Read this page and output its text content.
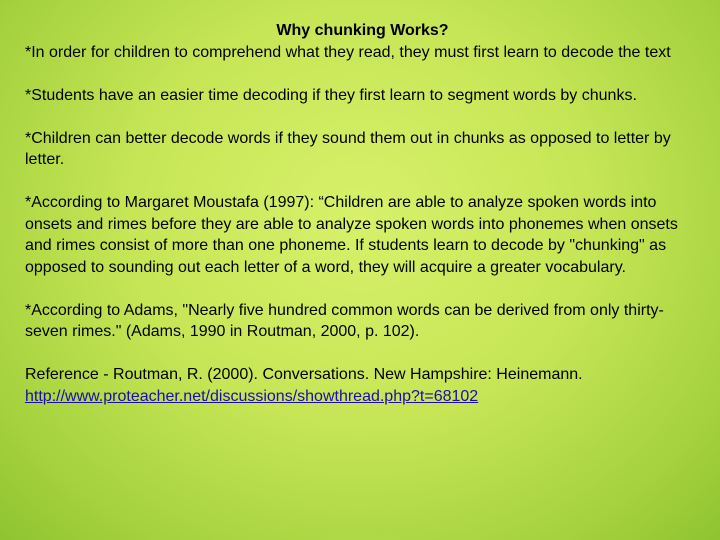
Why chunking Works?

*In order for children to comprehend what they read, they must first learn to decode the text

*Students have an easier time decoding if they first learn to segment words by chunks.

*Children can better decode words if they sound them out in chunks as opposed to letter by letter.

*According to Margaret Moustafa (1997): “Children are able to analyze spoken words into onsets and rimes before they are able to analyze spoken words into phonemes when onsets and rimes consist of more than one phoneme. If students learn to decode by "chunking" as opposed to sounding out each letter of a word, they will acquire a greater vocabulary.

*According to Adams, "Nearly five hundred common words can be derived from only thirty-seven rimes." (Adams, 1990 in Routman, 2000, p. 102).

Reference - Routman, R. (2000). Conversations. New Hampshire: Heinemann.

http://www.proteacher.net/discussions/showthread.php?t=68102
